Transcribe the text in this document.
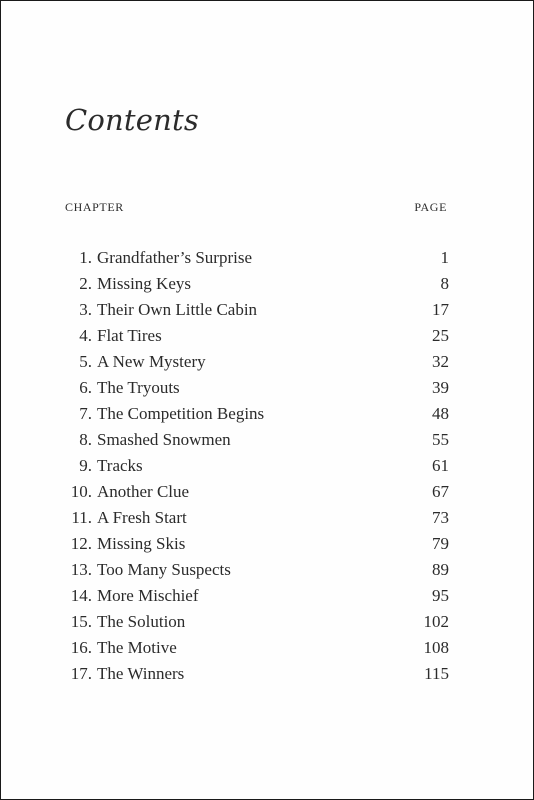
Contents
CHAPTER	PAGE
1. Grandfather’s Surprise	1
2. Missing Keys	8
3. Their Own Little Cabin	17
4. Flat Tires	25
5. A New Mystery	32
6. The Tryouts	39
7. The Competition Begins	48
8. Smashed Snowmen	55
9. Tracks	61
10. Another Clue	67
11. A Fresh Start	73
12. Missing Skis	79
13. Too Many Suspects	89
14. More Mischief	95
15. The Solution	102
16. The Motive	108
17. The Winners	115
